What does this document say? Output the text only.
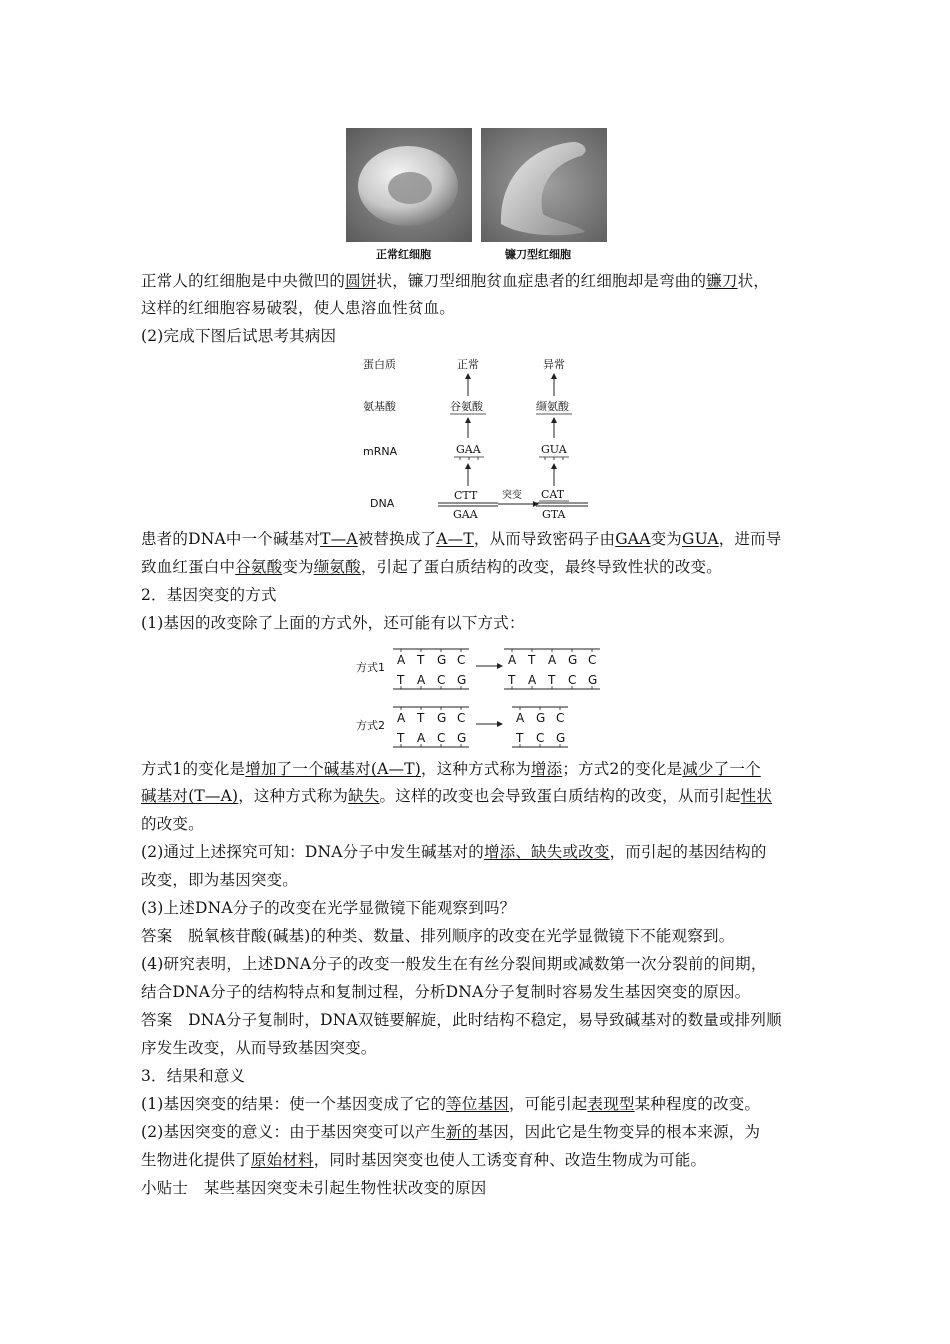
正常红细胞	镰刀型红细胞
正常人的红细胞是中央微凹的圆饼状，镰刀型细胞贫血症患者的红细胞却是弯曲的镰刀状，
这样的红细胞容易破裂，使人患溶血性贫血。
(2)完成下图后试思考其病因
蛋白质
氨基酸
mRNA
DNA
正常
谷氨酸
GAA
CTT
GAA
突变
异常
缬氨酸
GUA
CAT
GTA
患者的DNA中一个碱基对T—A被替换成了A—T，从而导致密码子由GAA变为GUA，进而导
致血红蛋白中谷氨酸变为缬氨酸，引起了蛋白质结构的改变，最终导致性状的改变。
2．基因突变的方式
(1)基因的改变除了上面的方式外，还可能有以下方式：
方式1
方式2
A T G C
T A C G
A T A G C
T A T C G
A T G C
T A C G
A G C
T C G
方式1的变化是增加了一个碱基对(A—T)，这种方式称为增添；方式2的变化是减少了一个
碱基对(T—A)，这种方式称为缺失。这样的改变也会导致蛋白质结构的改变，从而引起性状
的改变。
(2)通过上述探究可知：DNA分子中发生碱基对的增添、缺失或改变，而引起的基因结构的
改变，即为基因突变。
(3)上述DNA分子的改变在光学显微镜下能观察到吗？
答案　脱氧核苷酸(碱基)的种类、数量、排列顺序的改变在光学显微镜下不能观察到。
(4)研究表明，上述DNA分子的改变一般发生在有丝分裂间期或减数第一次分裂前的间期，
结合DNA分子的结构特点和复制过程，分析DNA分子复制时容易发生基因突变的原因。
答案　DNA分子复制时，DNA双链要解旋，此时结构不稳定，易导致碱基对的数量或排列顺
序发生改变，从而导致基因突变。
3．结果和意义
(1)基因突变的结果：使一个基因变成了它的等位基因，可能引起表现型某种程度的改变。
(2)基因突变的意义：由于基因突变可以产生新的基因，因此它是生物变异的根本来源，为
生物进化提供了原始材料，同时基因突变也使人工诱变育种、改造生物成为可能。
小贴士　某些基因突变未引起生物性状改变的原因
